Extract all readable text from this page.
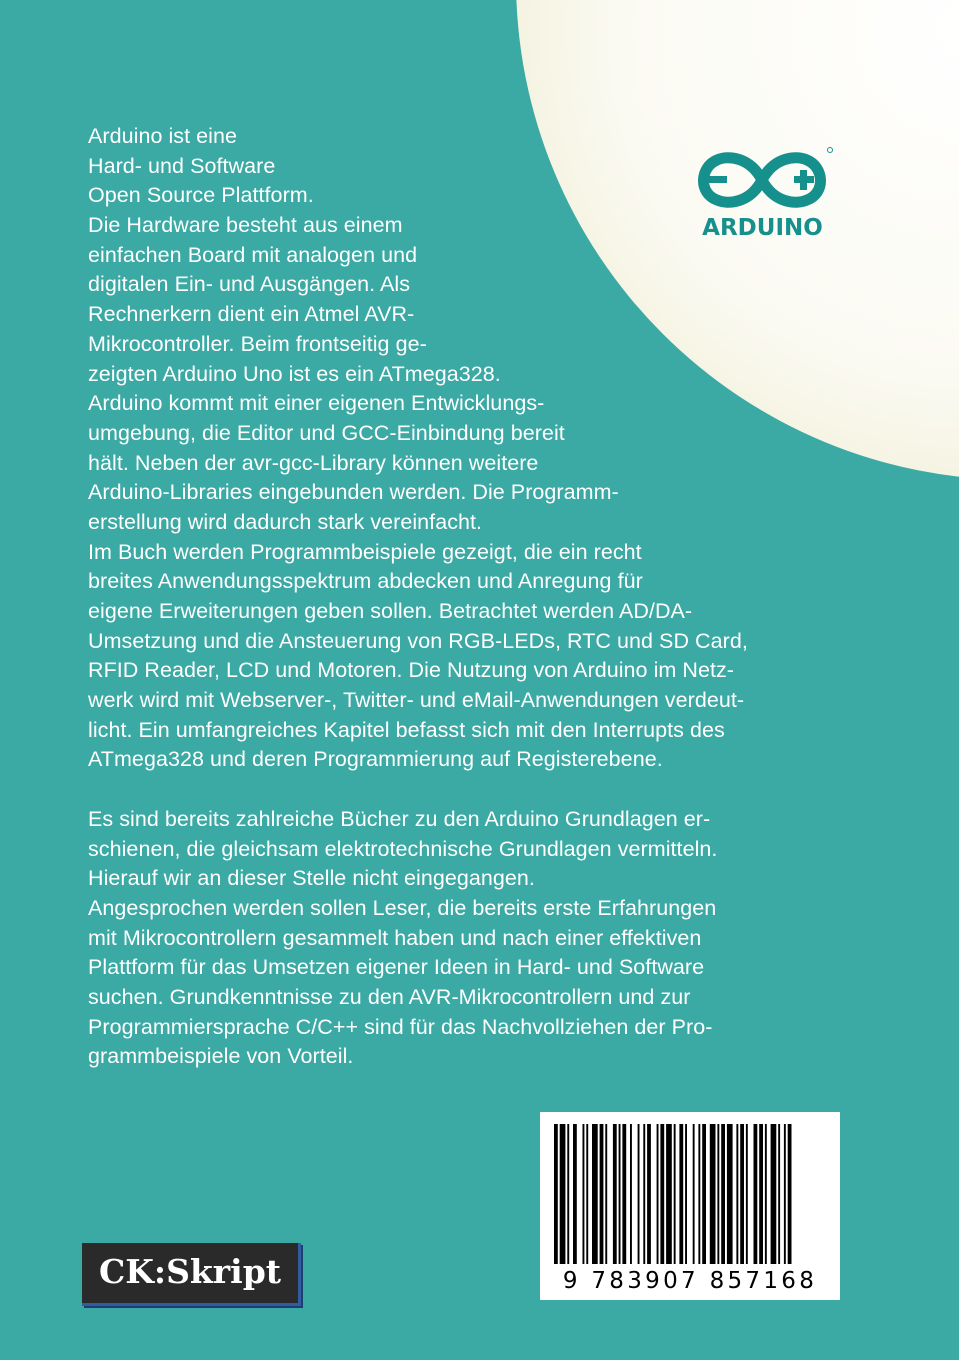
ARDUINO
Arduino ist eine
Hard- und Software
Open Source Plattform.
Die Hardware besteht aus einem
einfachen Board mit analogen und
digitalen Ein- und Ausgängen. Als
Rechnerkern dient ein Atmel AVR-
Mikrocontroller. Beim frontseitig ge-
zeigten Arduino Uno ist es ein ATmega328.
Arduino kommt mit einer eigenen Entwicklungs-
umgebung, die Editor und GCC-Einbindung bereit
hält. Neben der avr-gcc-Library können weitere
Arduino-Libraries eingebunden werden. Die Programm-
erstellung wird dadurch stark vereinfacht.
Im Buch werden Programmbeispiele gezeigt, die ein recht
breites Anwendungsspektrum abdecken und Anregung für
eigene Erweiterungen geben sollen. Betrachtet werden AD/DA-
Umsetzung und die Ansteuerung von RGB-LEDs, RTC und SD Card,
RFID Reader, LCD und Motoren. Die Nutzung von Arduino im Netz-
werk wird mit Webserver-, Twitter- und eMail-Anwendungen verdeut-
licht. Ein umfangreiches Kapitel befasst sich mit den Interrupts des
ATmega328 und deren Programmierung auf Registerebene.
Es sind bereits zahlreiche Bücher zu den Arduino Grundlagen er-
schienen, die gleichsam elektrotechnische Grundlagen vermitteln.
Hierauf wir an dieser Stelle nicht eingegangen.
Angesprochen werden sollen Leser, die bereits erste Erfahrungen
mit Mikrocontrollern gesammelt haben und nach einer effektiven
Plattform für das Umsetzen eigener Ideen in Hard- und Software
suchen. Grundkenntnisse zu den AVR-Mikrocontrollern und zur
Programmiersprache C/C++ sind für das Nachvollziehen der Pro-
grammbeispiele von Vorteil.
CK:Skript	9 783907 857168
